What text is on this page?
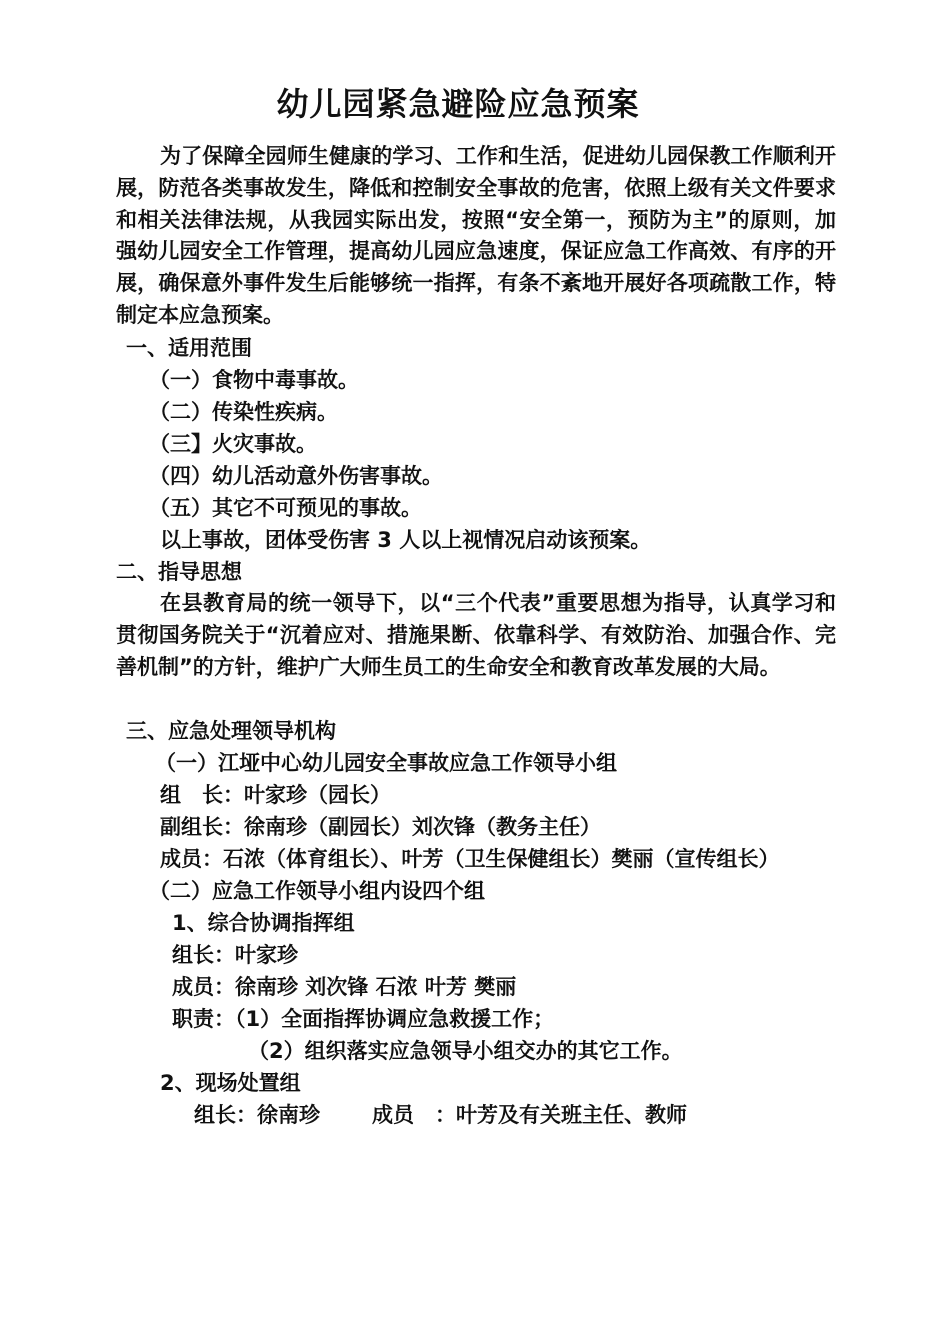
幼儿园紧急避险应急预案
为了保障全园师生健康的学习、工作和生活，促进幼儿园保教工作顺利开展，防范各类事故发生，降低和控制安全事故的危害，依照上级有关文件要求和相关法律法规，从我园实际出发，按照“安全第一，预防为主”的原则，加强幼儿园安全工作管理，提高幼儿园应急速度，保证应急工作高效、有序的开展，确保意外事件发生后能够统一指挥，有条不紊地开展好各项疏散工作，特制定本应急预案。
一、适用范围
（一）食物中毒事故。
（二）传染性疾病。
（三】火灾事故。
（四）幼儿活动意外伤害事故。
（五）其它不可预见的事故。
以上事故，团体受伤害 3 人以上视情况启动该预案。
二、指导思想
在县教育局的统一领导下，以“三个代表”重要思想为指导，认真学习和贯彻国务院关于“沉着应对、措施果断、依靠科学、有效防治、加强合作、完善机制”的方针，维护广大师生员工的生命安全和教育改革发展的大局。
三、应急处理领导机构
（一）江垭中心幼儿园安全事故应急工作领导小组
组　长：叶家珍（园长）
副组长：徐南珍（副园长）刘次锋（教务主任）
成员：石浓（体育组长）、叶芳（卫生保健组长）樊丽（宣传组长）
（二）应急工作领导小组内设四个组
1、综合协调指挥组
组长：叶家珍
成员：徐南珍 刘次锋 石浓 叶芳 樊丽
职责：（1）全面指挥协调应急救援工作；
（2）组织落实应急领导小组交办的其它工作。
2、现场处置组
组长：徐南珍 成员　：叶芳及有关班主任、教师
